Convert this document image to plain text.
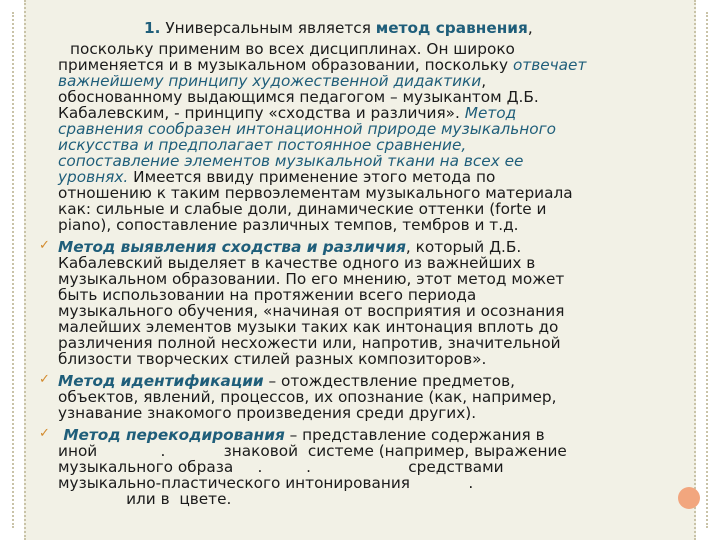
1. Универсальным является метод сравнения,
поскольку применим во всех дисциплинах. Он широко
применяется и в музыкальном образовании, поскольку отвечает
важнейшему принципу художественной дидактики,
обоснованному выдающимся педагогом – музыкантом Д.Б.
Кабалевским, - принципу «сходства и различия». Метод
сравнения сообразен интонационной природе музыкального
искусства и предполагает постоянное сравнение,
сопоставление элементов музыкальной ткани на всех ее
уровнях. Имеется ввиду применение этого метода по
отношению к таким первоэлементам музыкального материала
как: сильные и слабые доли, динамические оттенки (forte и
piano), сопоставление различных темпов, тембров и т.д.
✓ Метод выявления сходства и различия, который Д.Б.
Кабалевский выделяет в качестве одного из важнейших в
музыкальном образовании. По его мнению, этот метод может
быть использовании на протяжении всего периода
музыкального обучения, «начиная от восприятия и осознания
малейших элементов музыки таких как интонация вплоть до
различения полной несхожести или, напротив, значительной
близости творческих стилей разных композиторов».
✓ Метод идентификации – отождествление предметов,
объектов, явлений, процессов, их опознание (как, например,
узнавание знакомого произведения среди других).
✓ Метод перекодирования – представление содержания в
иной             .            знаковой  системе (например, выражение
музыкального образа     .         .                    средствами
музыкально-пластического интонирования            .
или в  цвете.
